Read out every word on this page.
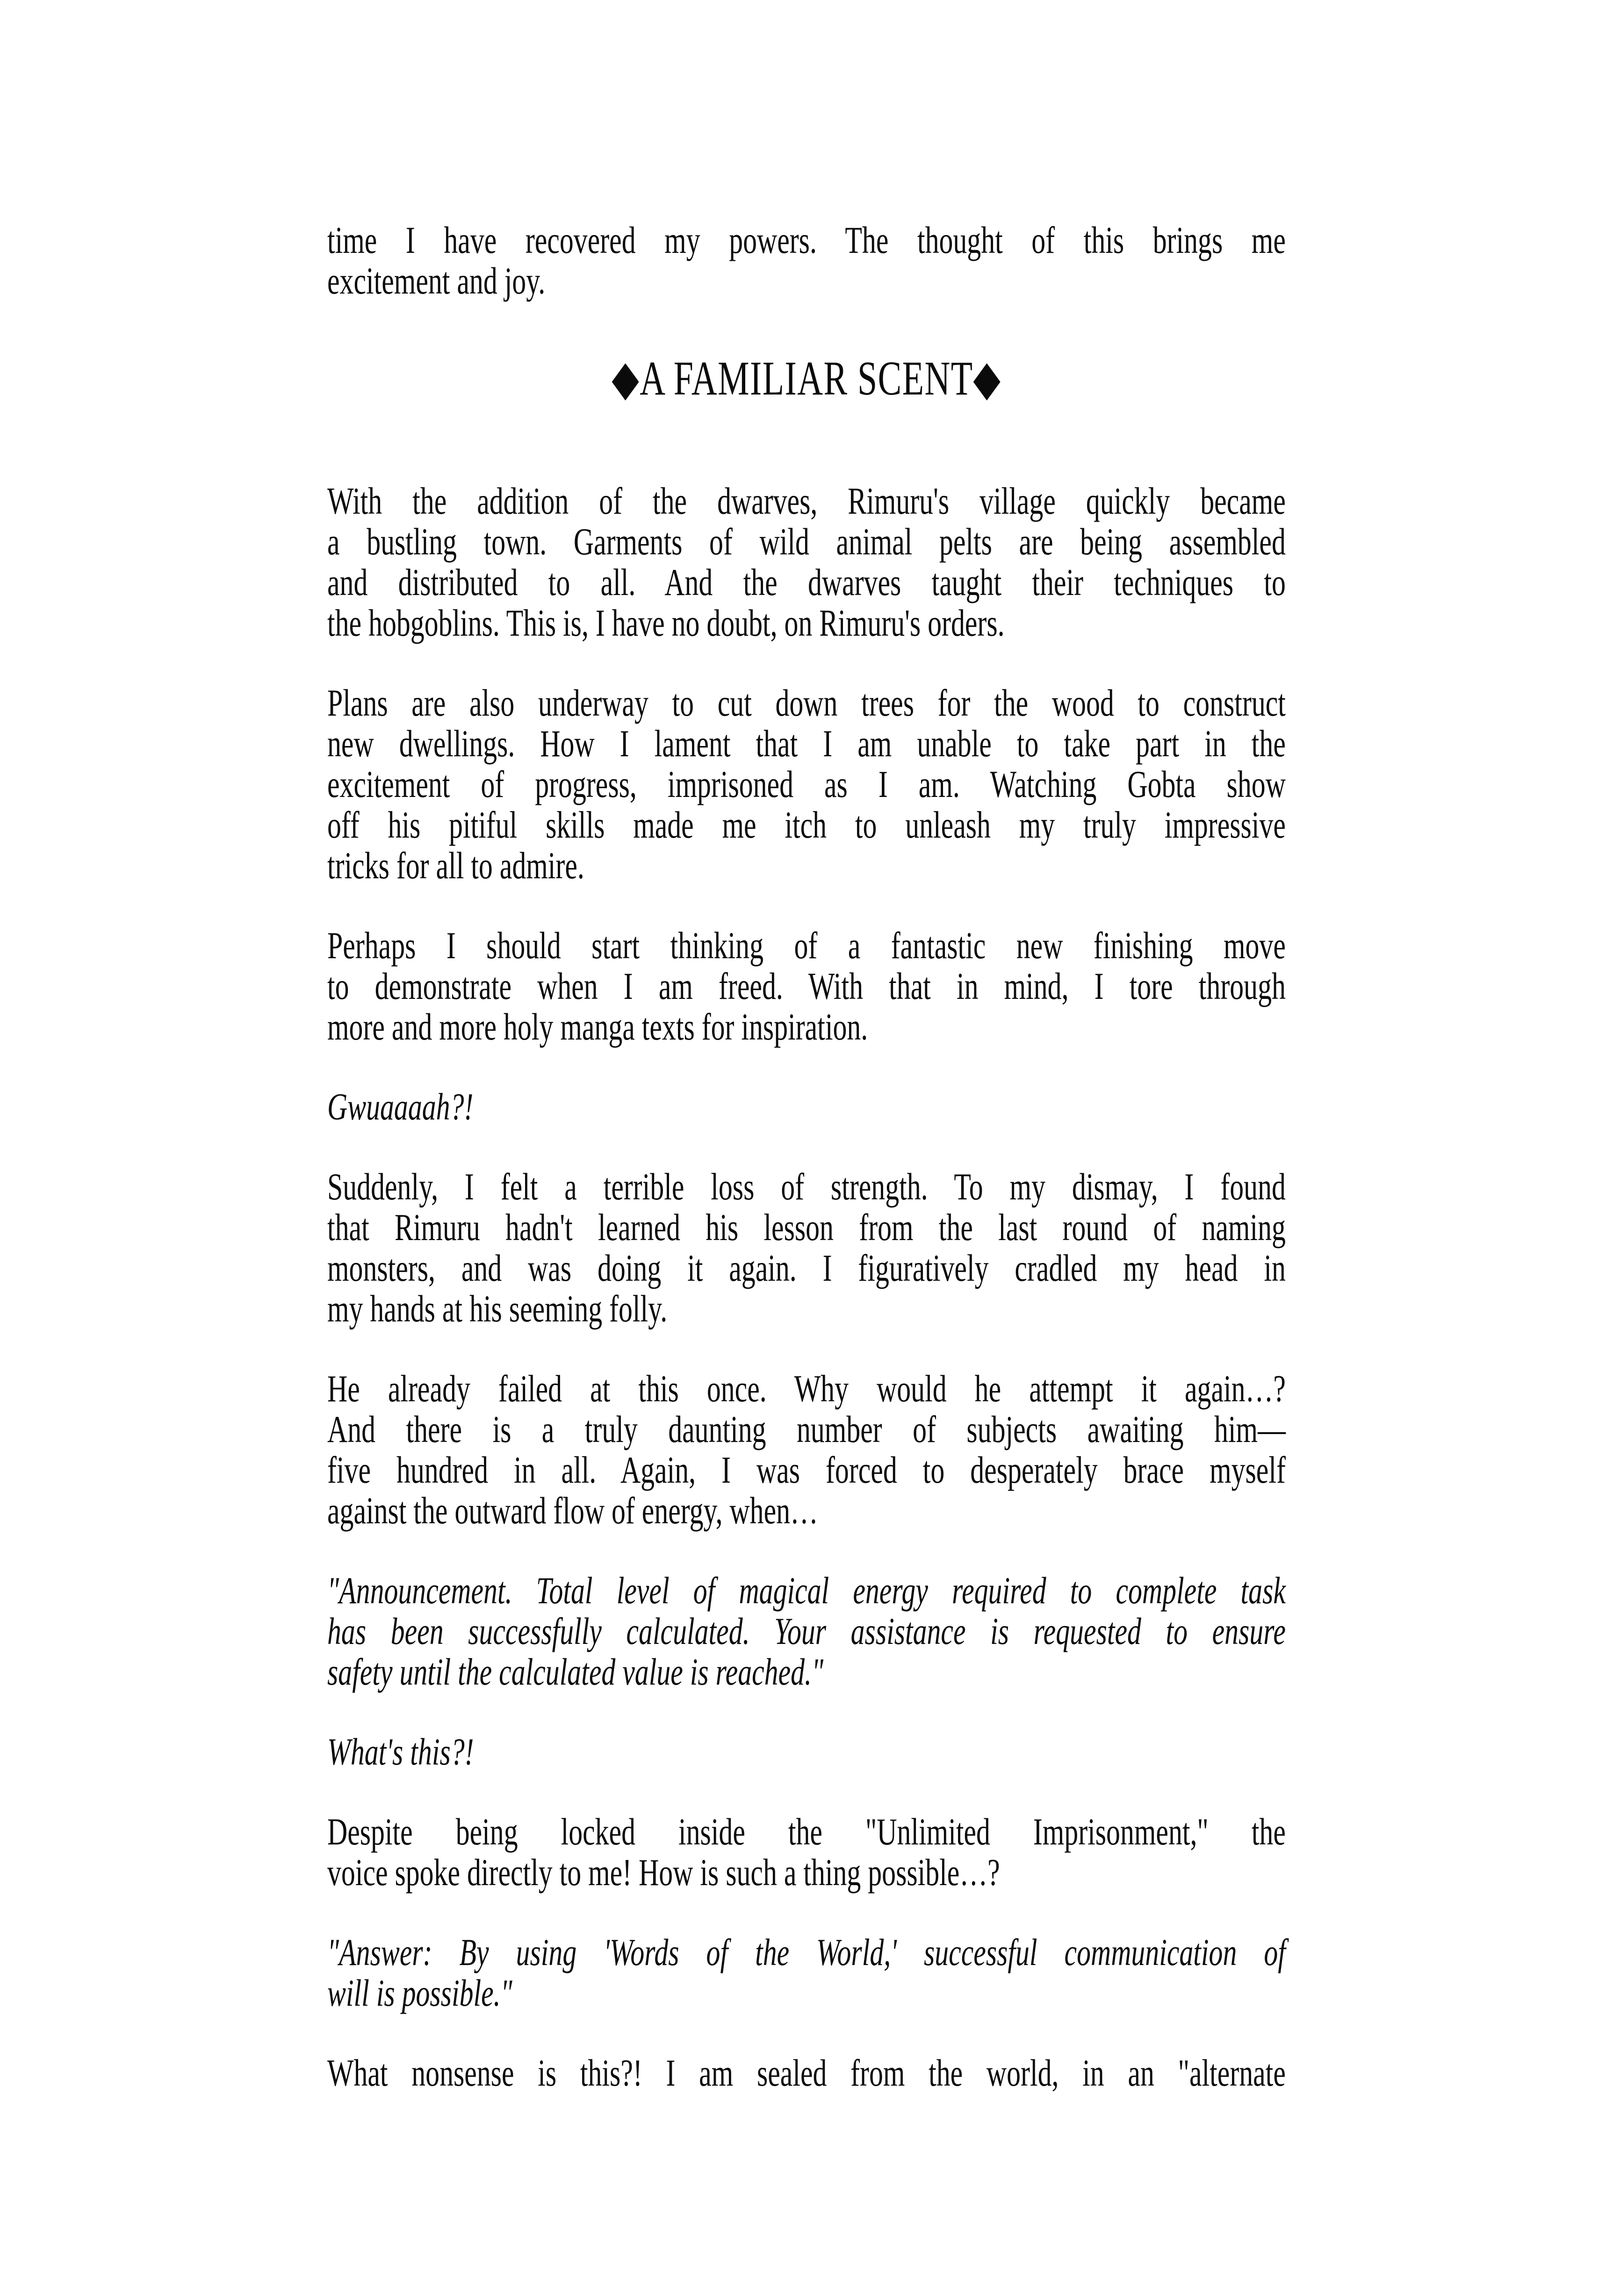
time I have recovered my powers. The thought of this brings me
excitement and joy.

◆A FAMILIAR SCENT◆

With the addition of the dwarves, Rimuru's village quickly became
a bustling town. Garments of wild animal pelts are being assembled
and distributed to all. And the dwarves taught their techniques to
the hobgoblins. This is, I have no doubt, on Rimuru's orders.

Plans are also underway to cut down trees for the wood to construct
new dwellings. How I lament that I am unable to take part in the
excitement of progress, imprisoned as I am. Watching Gobta show
off his pitiful skills made me itch to unleash my truly impressive
tricks for all to admire.

Perhaps I should start thinking of a fantastic new finishing move
to demonstrate when I am freed. With that in mind, I tore through
more and more holy manga texts for inspiration.

Gwuaaaah?!

Suddenly, I felt a terrible loss of strength. To my dismay, I found
that Rimuru hadn't learned his lesson from the last round of naming
monsters, and was doing it again. I figuratively cradled my head in
my hands at his seeming folly.

He already failed at this once. Why would he attempt it again…?
And there is a truly daunting number of subjects awaiting him—
five hundred in all. Again, I was forced to desperately brace myself
against the outward flow of energy, when…

"Announcement. Total level of magical energy required to complete task
has been successfully calculated. Your assistance is requested to ensure
safety until the calculated value is reached."

What's this?!

Despite being locked inside the "Unlimited Imprisonment," the
voice spoke directly to me! How is such a thing possible…?

"Answer: By using 'Words of the World,' successful communication of
will is possible."

What nonsense is this?! I am sealed from the world, in an "alternate
